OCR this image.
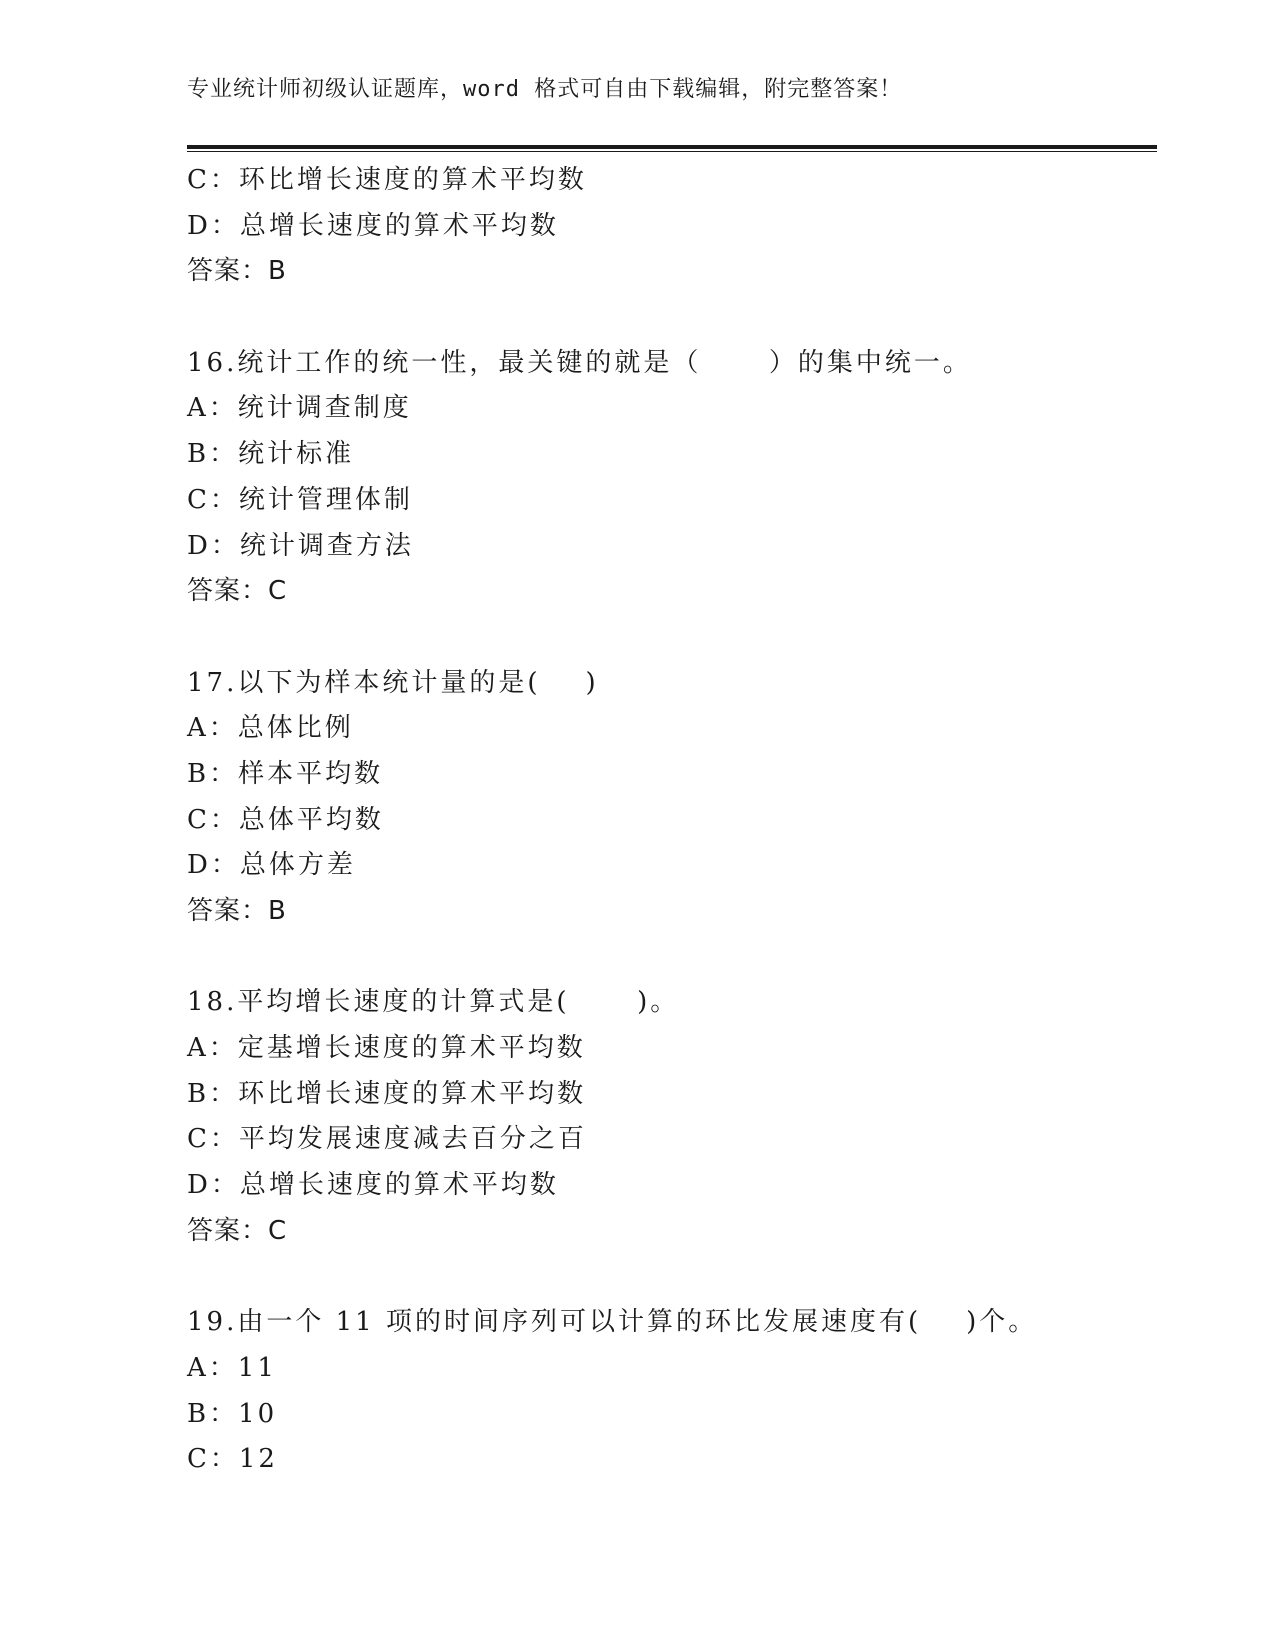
专业统计师初级认证题库，word 格式可自由下载编辑，附完整答案！
C：环比增长速度的算术平均数
D：总增长速度的算术平均数
答案：B
16.统计工作的统一性，最关键的就是（      ）的集中统一。
A：统计调查制度
B：统计标准
C：统计管理体制
D：统计调查方法
答案：C
17.以下为样本统计量的是(    )
A：总体比例
B：样本平均数
C：总体平均数
D：总体方差
答案：B
18.平均增长速度的计算式是(      )。
A：定基增长速度的算术平均数
B：环比增长速度的算术平均数
C：平均发展速度减去百分之百
D：总增长速度的算术平均数
答案：C
19.由一个 11 项的时间序列可以计算的环比发展速度有(    )个。
A：11
B：10
C：12
